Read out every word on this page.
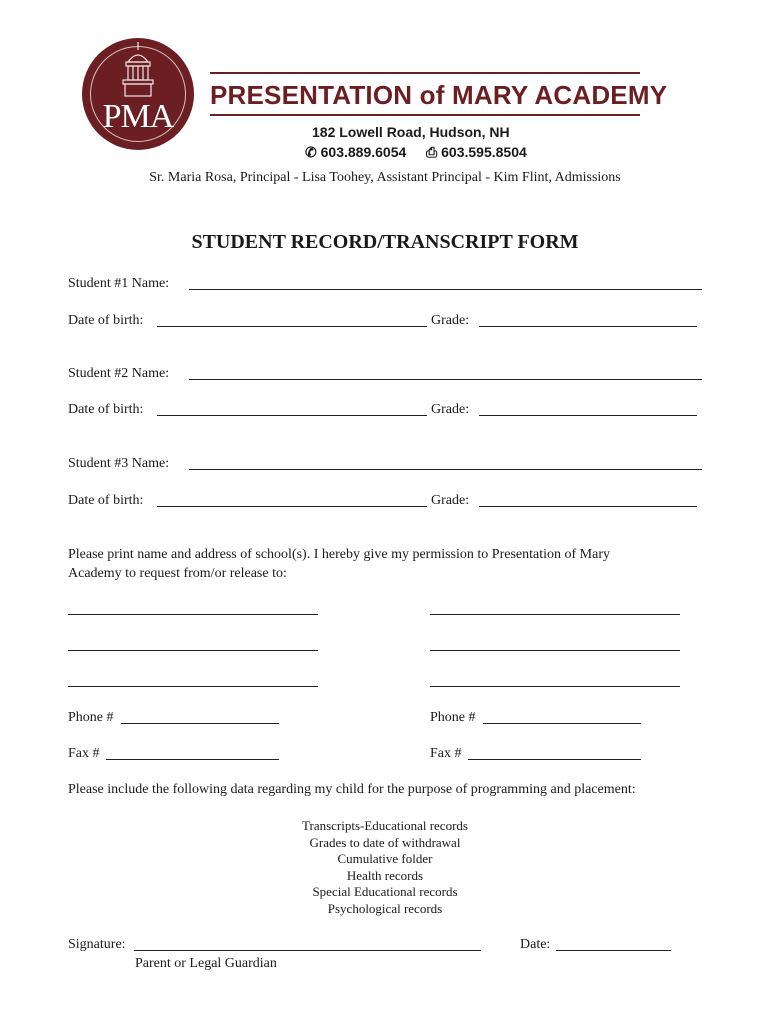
PMA
PRESENTATION of MARY ACADEMY
182 Lowell Road, Hudson, NH
✆ 603.889.6054 ⎙ 603.595.8504
Sr. Maria Rosa, Principal - Lisa Toohey, Assistant Principal - Kim Flint, Admissions
STUDENT RECORD/TRANSCRIPT FORM
Student #1 Name:
Date of birth:	Grade:
Student #2 Name:
Date of birth:	Grade:
Student #3 Name:
Date of birth:	Grade:
Please print name and address of school(s). I hereby give my permission to Presentation of Mary
Academy to request from/or release to:
Phone #	Phone #
Fax #	Fax #
Please include the following data regarding my child for the purpose of programming and placement:
Transcripts-Educational records
Grades to date of withdrawal
Cumulative folder
Health records
Special Educational records
Psychological records
Signature:	Date:
Parent or Legal Guardian
